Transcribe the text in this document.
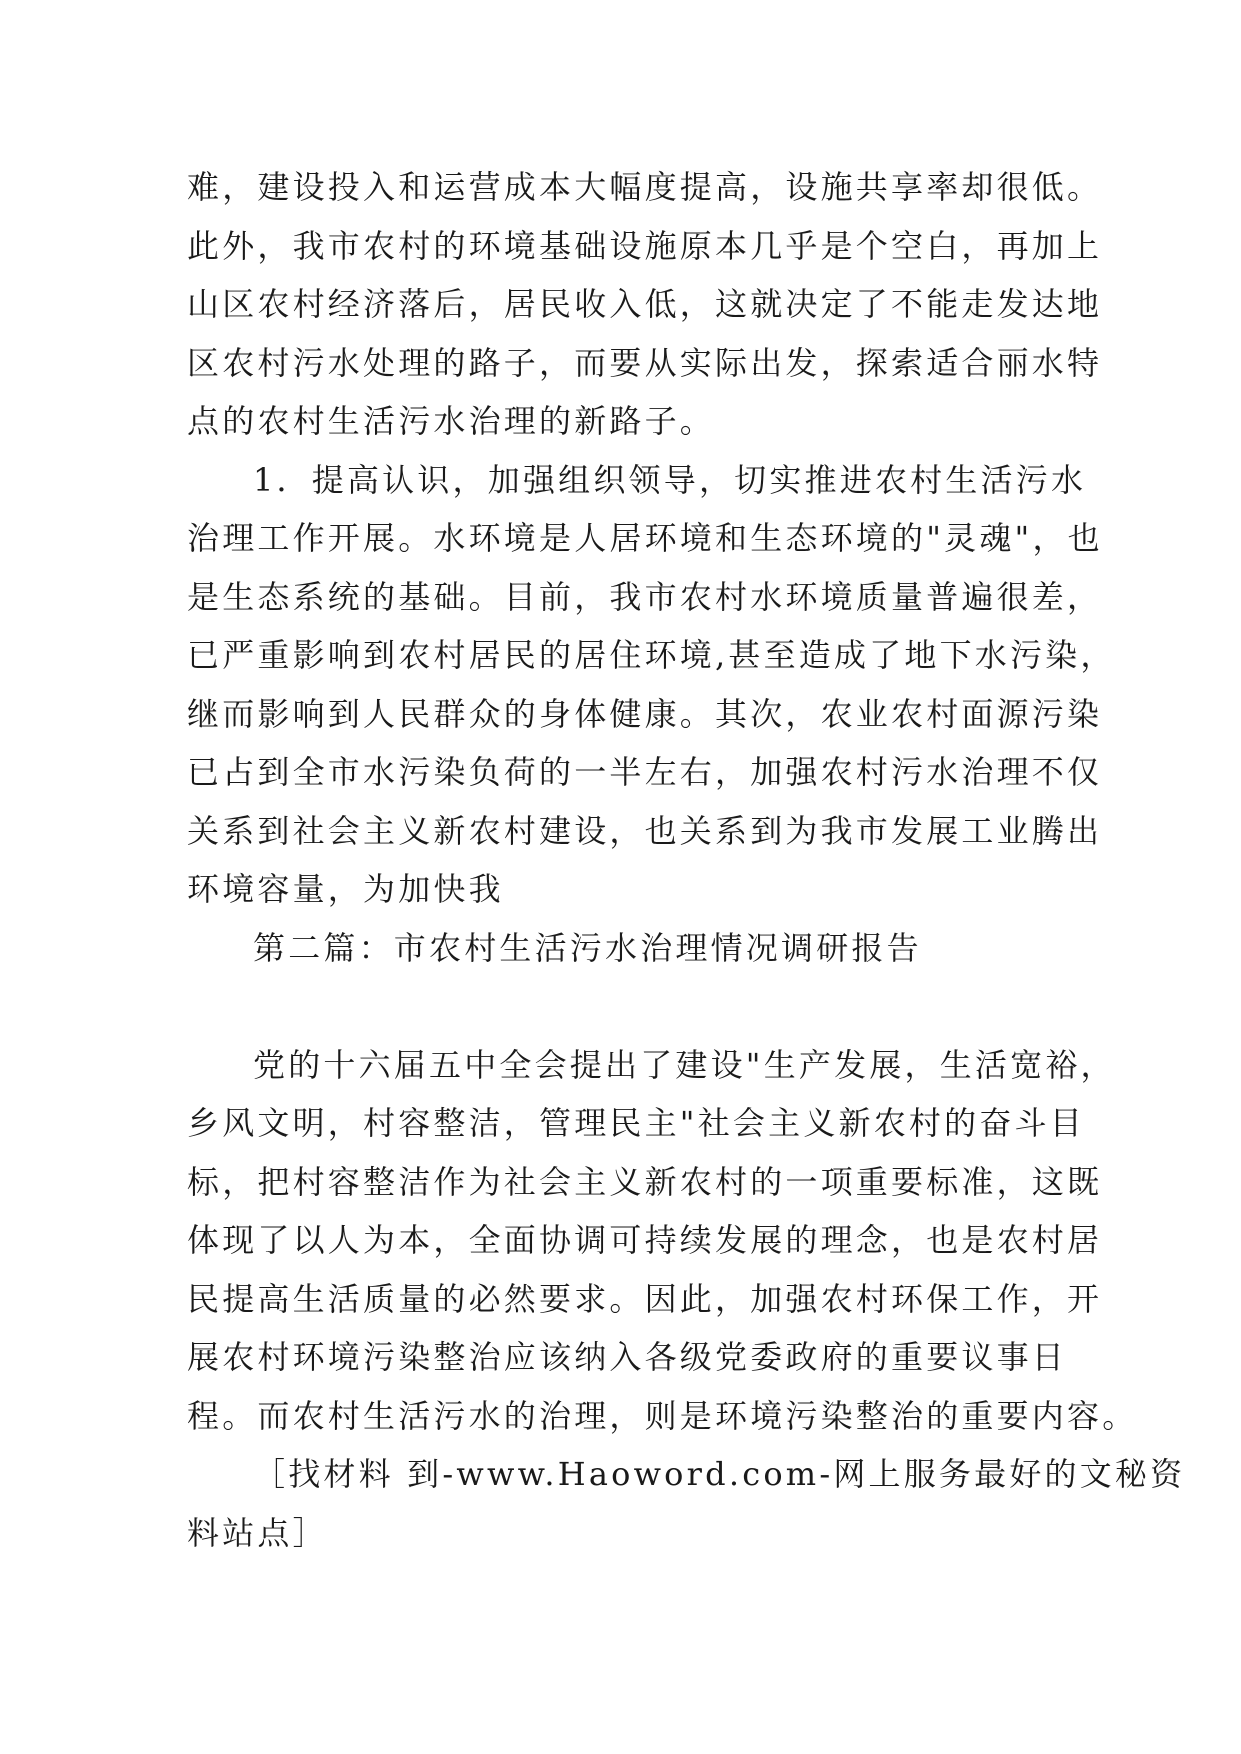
难，建设投入和运营成本大幅度提高，设施共享率却很低。
此外，我市农村的环境基础设施原本几乎是个空白，再加上
山区农村经济落后，居民收入低，这就决定了不能走发达地
区农村污水处理的路子，而要从实际出发，探索适合丽水特
点的农村生活污水治理的新路子。
1．提高认识，加强组织领导，切实推进农村生活污水
治理工作开展。水环境是人居环境和生态环境的"灵魂"，也
是生态系统的基础。目前，我市农村水环境质量普遍很差，
已严重影响到农村居民的居住环境,甚至造成了地下水污染，
继而影响到人民群众的身体健康。其次，农业农村面源污染
已占到全市水污染负荷的一半左右，加强农村污水治理不仅
关系到社会主义新农村建设，也关系到为我市发展工业腾出
环境容量，为加快我
第二篇：市农村生活污水治理情况调研报告
党的十六届五中全会提出了建设"生产发展，生活宽裕，
乡风文明，村容整洁，管理民主"社会主义新农村的奋斗目
标，把村容整洁作为社会主义新农村的一项重要标准，这既
体现了以人为本，全面协调可持续发展的理念，也是农村居
民提高生活质量的必然要求。因此，加强农村环保工作，开
展农村环境污染整治应该纳入各级党委政府的重要议事日
程。而农村生活污水的治理，则是环境污染整治的重要内容。
［找材料 到-www.Haoword.com-网上服务最好的文秘资
料站点］
